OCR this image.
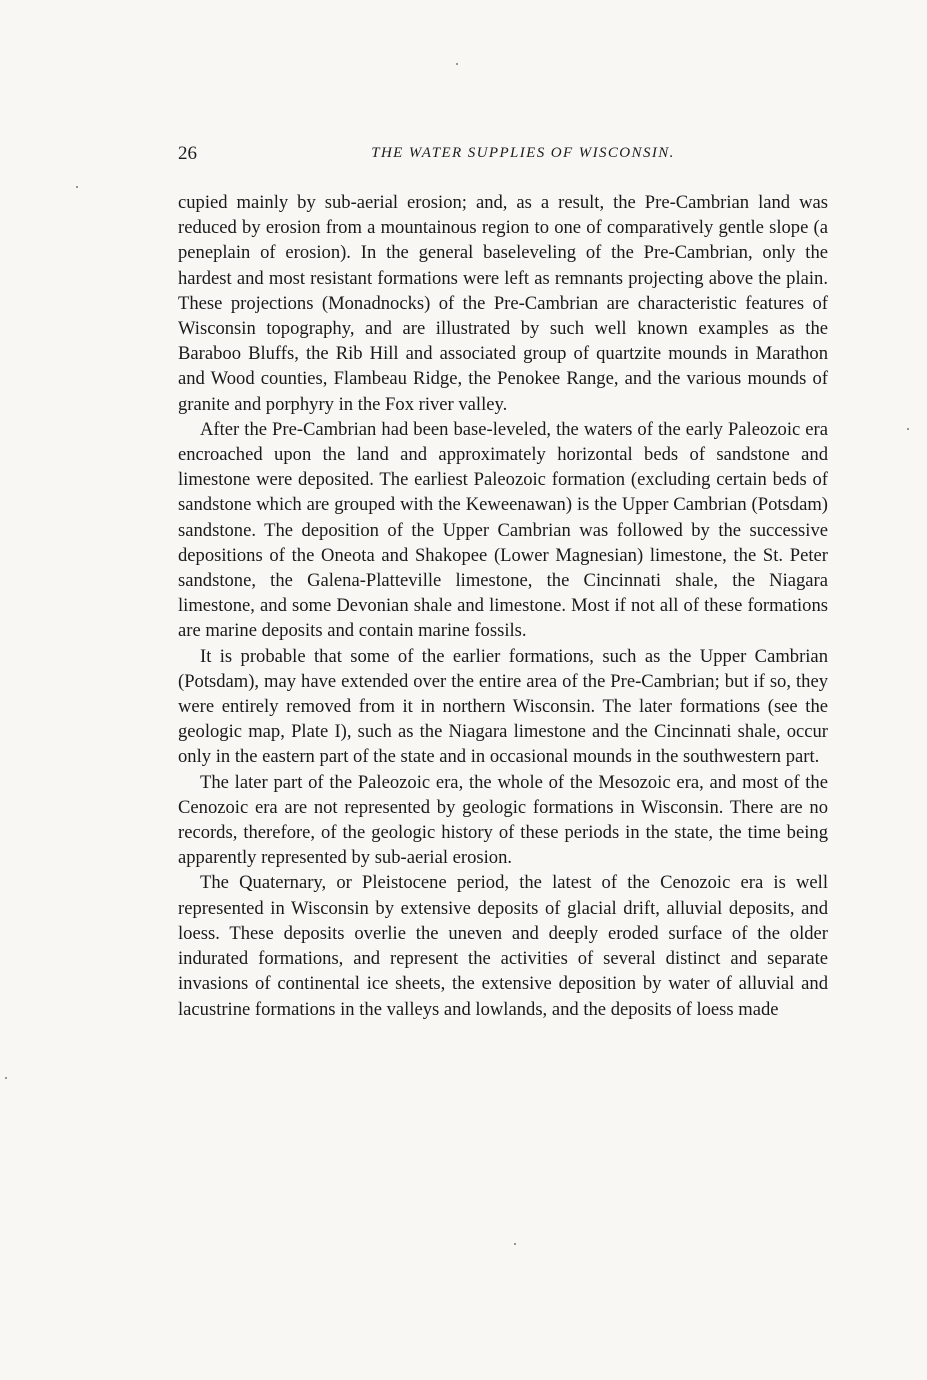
26	THE WATER SUPPLIES OF WISCONSIN.

cupied mainly by sub-aerial erosion; and, as a result, the Pre-Cambrian land was reduced by erosion from a mountainous region to one of comparatively gentle slope (a peneplain of erosion). In the general baseleveling of the Pre-Cambrian, only the hardest and most resistant formations were left as remnants projecting above the plain. These projections (Monadnocks) of the Pre-Cambrian are characteristic features of Wisconsin topography, and are illustrated by such well known examples as the Baraboo Bluffs, the Rib Hill and associated group of quartzite mounds in Marathon and Wood counties, Flambeau Ridge, the Penokee Range, and the various mounds of granite and porphyry in the Fox river valley.

After the Pre-Cambrian had been base-leveled, the waters of the early Paleozoic era encroached upon the land and approximately horizontal beds of sandstone and limestone were deposited. The earliest Paleozoic formation (excluding certain beds of sandstone which are grouped with the Keweenawan) is the Upper Cambrian (Potsdam) sandstone. The deposition of the Upper Cambrian was followed by the successive depositions of the Oneota and Shakopee (Lower Magnesian) limestone, the St. Peter sandstone, the Galena-Platteville limestone, the Cincinnati shale, the Niagara limestone, and some Devonian shale and limestone. Most if not all of these formations are marine deposits and contain marine fossils.

It is probable that some of the earlier formations, such as the Upper Cambrian (Potsdam), may have extended over the entire area of the Pre-Cambrian; but if so, they were entirely removed from it in northern Wisconsin. The later formations (see the geologic map, Plate I), such as the Niagara limestone and the Cincinnati shale, occur only in the eastern part of the state and in occasional mounds in the southwestern part.

The later part of the Paleozoic era, the whole of the Mesozoic era, and most of the Cenozoic era are not represented by geologic formations in Wisconsin. There are no records, therefore, of the geologic history of these periods in the state, the time being apparently represented by sub-aerial erosion.

The Quaternary, or Pleistocene period, the latest of the Cenozoic era is well represented in Wisconsin by extensive deposits of glacial drift, alluvial deposits, and loess. These deposits overlie the uneven and deeply eroded surface of the older indurated formations, and represent the activities of several distinct and separate invasions of continental ice sheets, the extensive deposition by water of alluvial and lacustrine formations in the valleys and lowlands, and the deposits of loess made
